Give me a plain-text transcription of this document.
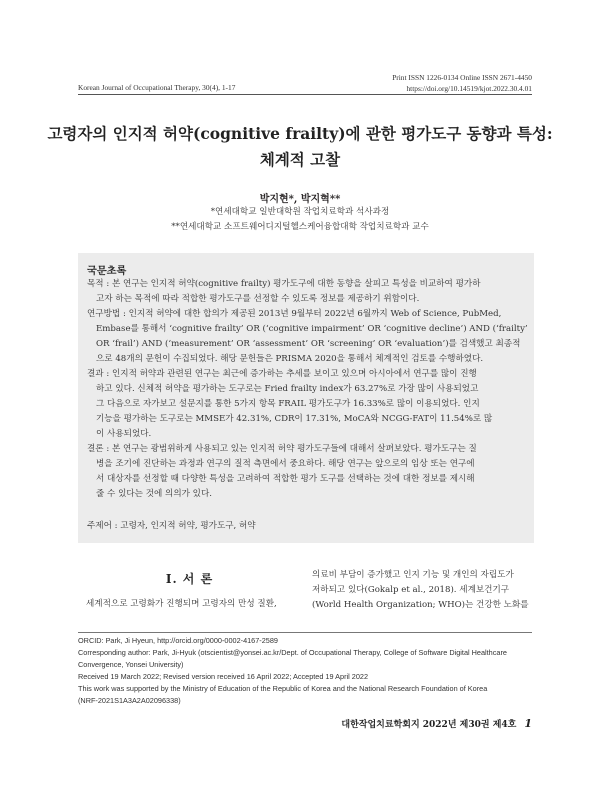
Print ISSN 1226-0134 Online ISSN 2671-4450
https://doi.org/10.14519/kjot.2022.30.4.01
Korean Journal of Occupational Therapy, 30(4), 1-17
고령자의 인지적 허약(cognitive frailty)에 관한 평가도구 동향과 특성:
체계적 고찰
박지현*, 박지혁**
*연세대학교 일반대학원 작업치료학과 석사과정
**연세대학교 소프트웨어디지털헬스케어융합대학 작업치료학과 교수
국문초록
목적 : 본 연구는 인지적 허약(cognitive frailty) 평가도구에 대한 동향을 살피고 특성을 비교하여 평가하
고자 하는 목적에 따라 적합한 평가도구를 선정할 수 있도록 정보를 제공하기 위함이다.
연구방법 : 인지적 허약에 대한 합의가 제공된 2013년 9월부터 2022년 6월까지 Web of Science, PubMed,
Embase를 통해서 ‘cognitive frailty’ OR (‘cognitive impairment’ OR ‘cognitive decline’) AND (‘frailty’
OR ‘frail’) AND (‘measurement’ OR ‘assessment’ OR ‘screening’ OR ‘evaluation’)를 검색했고 최종적
으로 48개의 문헌이 수집되었다. 해당 문헌들은 PRISMA 2020을 통해서 체계적인 검토를 수행하였다.
결과 : 인지적 허약과 관련된 연구는 최근에 증가하는 추세를 보이고 있으며 아시아에서 연구를 많이 진행
하고 있다. 신체적 허약을 평가하는 도구로는 Fried frailty index가 63.27%로 가장 많이 사용되었고
그 다음으로 자가보고 설문지를 통한 5가지 항목 FRAIL 평가도구가 16.33%로 많이 이용되었다. 인지
기능을 평가하는 도구로는 MMSE가 42.31%, CDR이 17.31%, MoCA와 NCGG-FAT이 11.54%로 많
이 사용되었다.
결론 : 본 연구는 광범위하게 사용되고 있는 인지적 허약 평가도구들에 대해서 살펴보았다. 평가도구는 질
병을 조기에 진단하는 과정과 연구의 질적 측면에서 중요하다. 해당 연구는 앞으로의 임상 또는 연구에
서 대상자를 선정할 때 다양한 특성을 고려하여 적합한 평가 도구를 선택하는 것에 대한 정보를 제시해
줄 수 있다는 것에 의의가 있다.
주제어 : 고령자, 인지적 허약, 평가도구, 허약
Ⅰ. 서 론
세계적으로 고령화가 진행되며 고령자의 만성 질환,
의료비 부담이 증가했고 인지 기능 및 개인의 자립도가
저하되고 있다(Gokalp et al., 2018). 세계보건기구
(World Health Organization; WHO)는 건강한 노화를
ORCID: Park, Ji Hyeun, http://orcid.org/0000-0002-4167-2589
Corresponding author: Park, Ji-Hyuk (otscientist@yonsei.ac.kr/Dept. of Occupational Therapy, College of Software Digital Healthcare
Convergence, Yonsei University)
Received 19 March 2022; Revised version received 16 April 2022; Accepted 19 April 2022
This work was supported by the Ministry of Education of the Republic of Korea and the National Research Foundation of Korea
(NRF-2021S1A3A2A02096338)
대한작업치료학회지 2022년 제30권 제4호 1
